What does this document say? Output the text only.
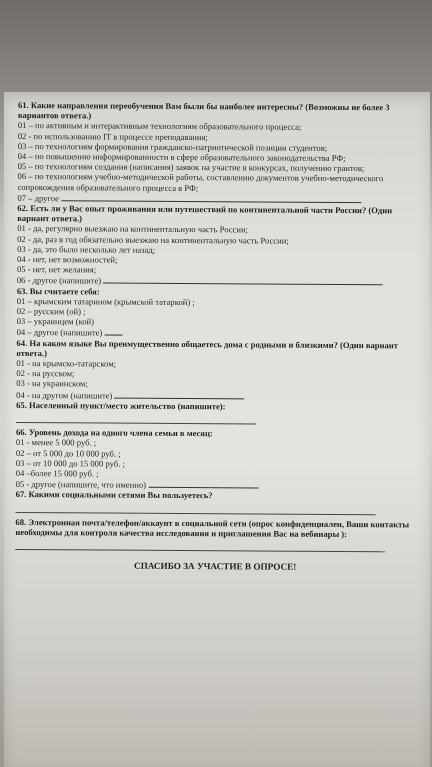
61. Какие направления переобучения Вам были бы наиболее интересны? (Возможны не более 3 вариантов ответа.)
01 – по активным и интерактивным технологиям образовательного процесса;
02 - по использованию IT в процессе преподавания;
03 – по технологиям формирования гражданско-патриотической позиции студентов;
04 – по повышению информированности в сфере образовательного законодательства РФ;
05 – по технологиям создания (написания) заявок на участие в конкурсах, получению грантов;
06 – по технологиям учебно-методической работы, составлению документов учебно-методического сопровождения образовательного процесса в РФ;
07 – другое
62. Есть ли у Вас опыт проживания или путешествий по континентальной части России? (Один вариант ответа.)
01 - да, регулярно выезжаю на континентальную часть России;
02 - да, раз в год обязательно выезжаю на континентальную часть России;
03 - да, это было несколько лет назад;
04 - нет, нет возможностей;
05 - нет, нет желания;
06 - другое (напишите)
63. Вы считаете себя:
01 – крымским татарином (крымской татаркой) ;
02 – русским (ой) ;
03 – украинцем (кой)
04 – другое (напишите)
64. На каком языке Вы преимущественно общаетесь дома с родными и близкими? (Один вариант ответа.)
01 - на крымско-татарском;
02 - на русском;
03 - на украинском;
04 - на другом (напишите)
65. Населенный пункт/место жительство (напишите):
66. Уровень дохода на одного члена семьи в месяц:
01 - менее 5 000 руб. ;
02 – от 5 000 до 10 000 руб. ;
03 – от 10 000 до 15 000 руб. ;
04 –более 15 000 руб. ;
05 - другое (напишите, что именно)
67. Какими социальными сетями Вы пользуетесь?
68. Электронная почта/телефон/аккаунт в социальной сети (опрос конфиденциален, Ваши контакты необходимы для контроля качества исследования и приглашения Вас на вебинары ):
СПАСИБО ЗА УЧАСТИЕ В ОПРОСЕ!
